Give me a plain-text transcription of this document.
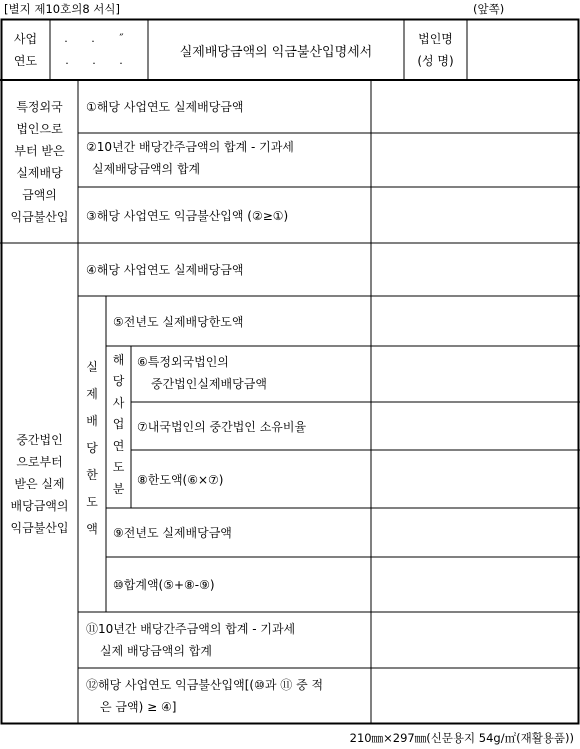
[별지 제10호의8 서식]	(앞쪽)
사업
연도
. . ˝
. . .
실제배당금액의 익금불산입명세서
법인명
(성 명)
특정외국
법인으로
부터 받은
실제배당
금액의
익금불산입
①해당 사업연도 실제배당금액
②10년간 배당간주금액의 합계 - 기과세
실제배당금액의 합계
③해당 사업연도 익금불산입액 (②≥①)
중간법인
으로부터
받은 실제
배당금액의
익금불산입
④해당 사업연도 실제배당금액
실
제
배
당
한
도
액
⑤전년도 실제배당한도액
해
당
사
업
연
도
분
⑥특정외국법인의
중간법인실제배당금액
⑦내국법인의 중간법인 소유비율
⑧한도액(⑥×⑦)
⑨전년도 실제배당금액
⑩합계액(⑤+⑧-⑨)
⑪10년간 배당간주금액의 합계 - 기과세
실제 배당금액의 합계
⑫해당 사업연도 익금불산입액[(⑩과 ⑪ 중 적
은 금액) ≥ ④]
210㎜×297㎜(신문용지 54g/㎡(재활용품))
